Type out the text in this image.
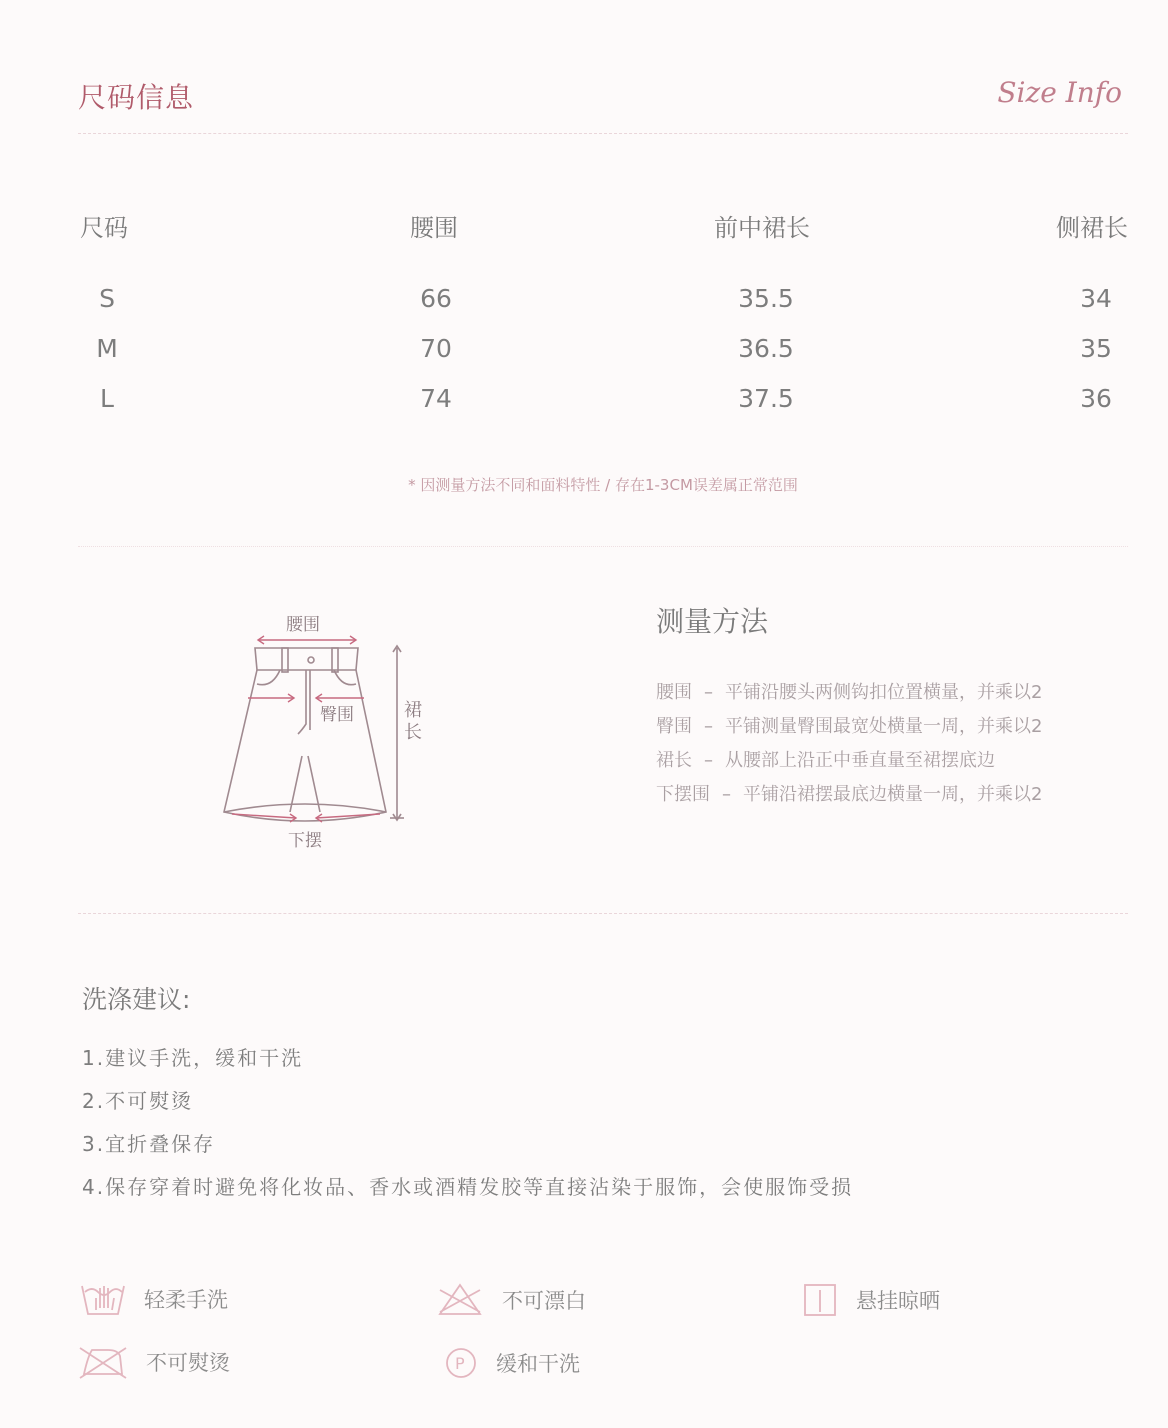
尺码信息	Size Info
尺码	腰围	前中裙长	侧裙长
S	66	35.5	34
M	70	36.5	35
L	74	37.5	36
* 因测量方法不同和面料特性 / 存在1-3CM误差属正常范围
腰围
臀围
下摆
裙长
测量方法
腰围 – 平铺沿腰头两侧钩扣位置横量，并乘以2
臀围 – 平铺测量臀围最宽处横量一周，并乘以2
裙长 – 从腰部上沿正中垂直量至裙摆底边
下摆围 – 平铺沿裙摆最底边横量一周，并乘以2
洗涤建议:
1.建议手洗，缓和干洗
2.不可熨烫
3.宜折叠保存
4.保存穿着时避免将化妆品、香水或酒精发胶等直接沾染于服饰，会使服饰受损
轻柔手洗	不可漂白	悬挂晾晒
不可熨烫	P 缓和干洗
